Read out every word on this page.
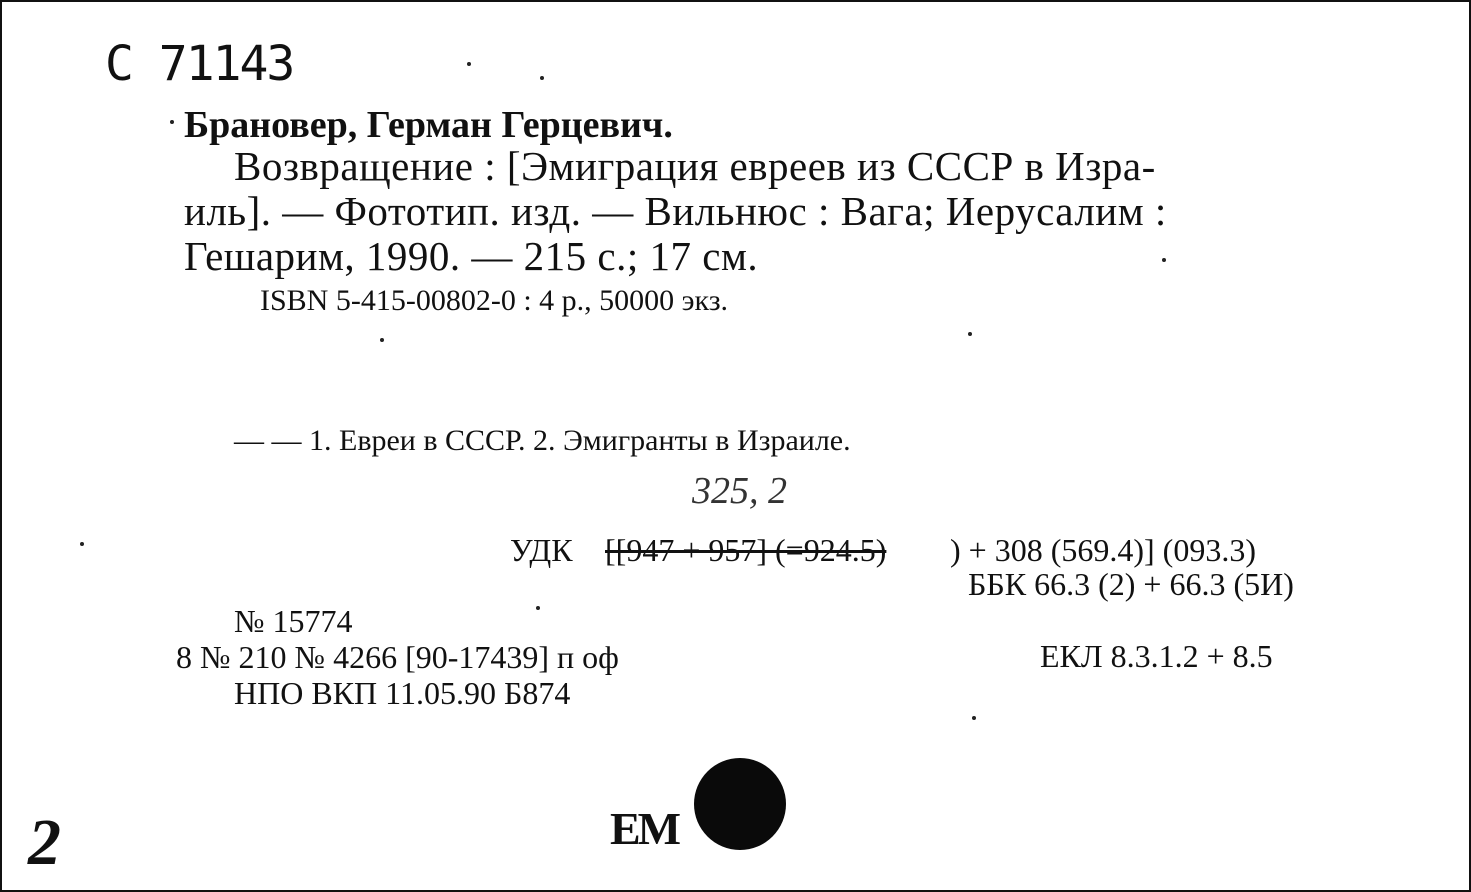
С 71143
Брановер, Герман Герцевич.
Возвращение : [Эмиграция евреев из СССР в Изра-
иль]. — Фототип. изд. — Вильнюс : Вага; Иерусалим :
Гешарим, 1990. — 215 с.; 17 см.
ISBN 5-415-00802-0 : 4 р., 50000 экз.
— — 1. Евреи в СССР. 2. Эмигранты в Израиле.
325, 2
УДК [[947 + 957] (=924.5) ) + 308 (569.4)] (093.3)
ББК 66.3 (2) + 66.3 (5И)
№ 15774
8 № 210 № 4266 [90-17439] п оф	ЕКЛ 8.3.1.2 + 8.5
НПО ВКП 11.05.90 Б874
ЕМ
2
